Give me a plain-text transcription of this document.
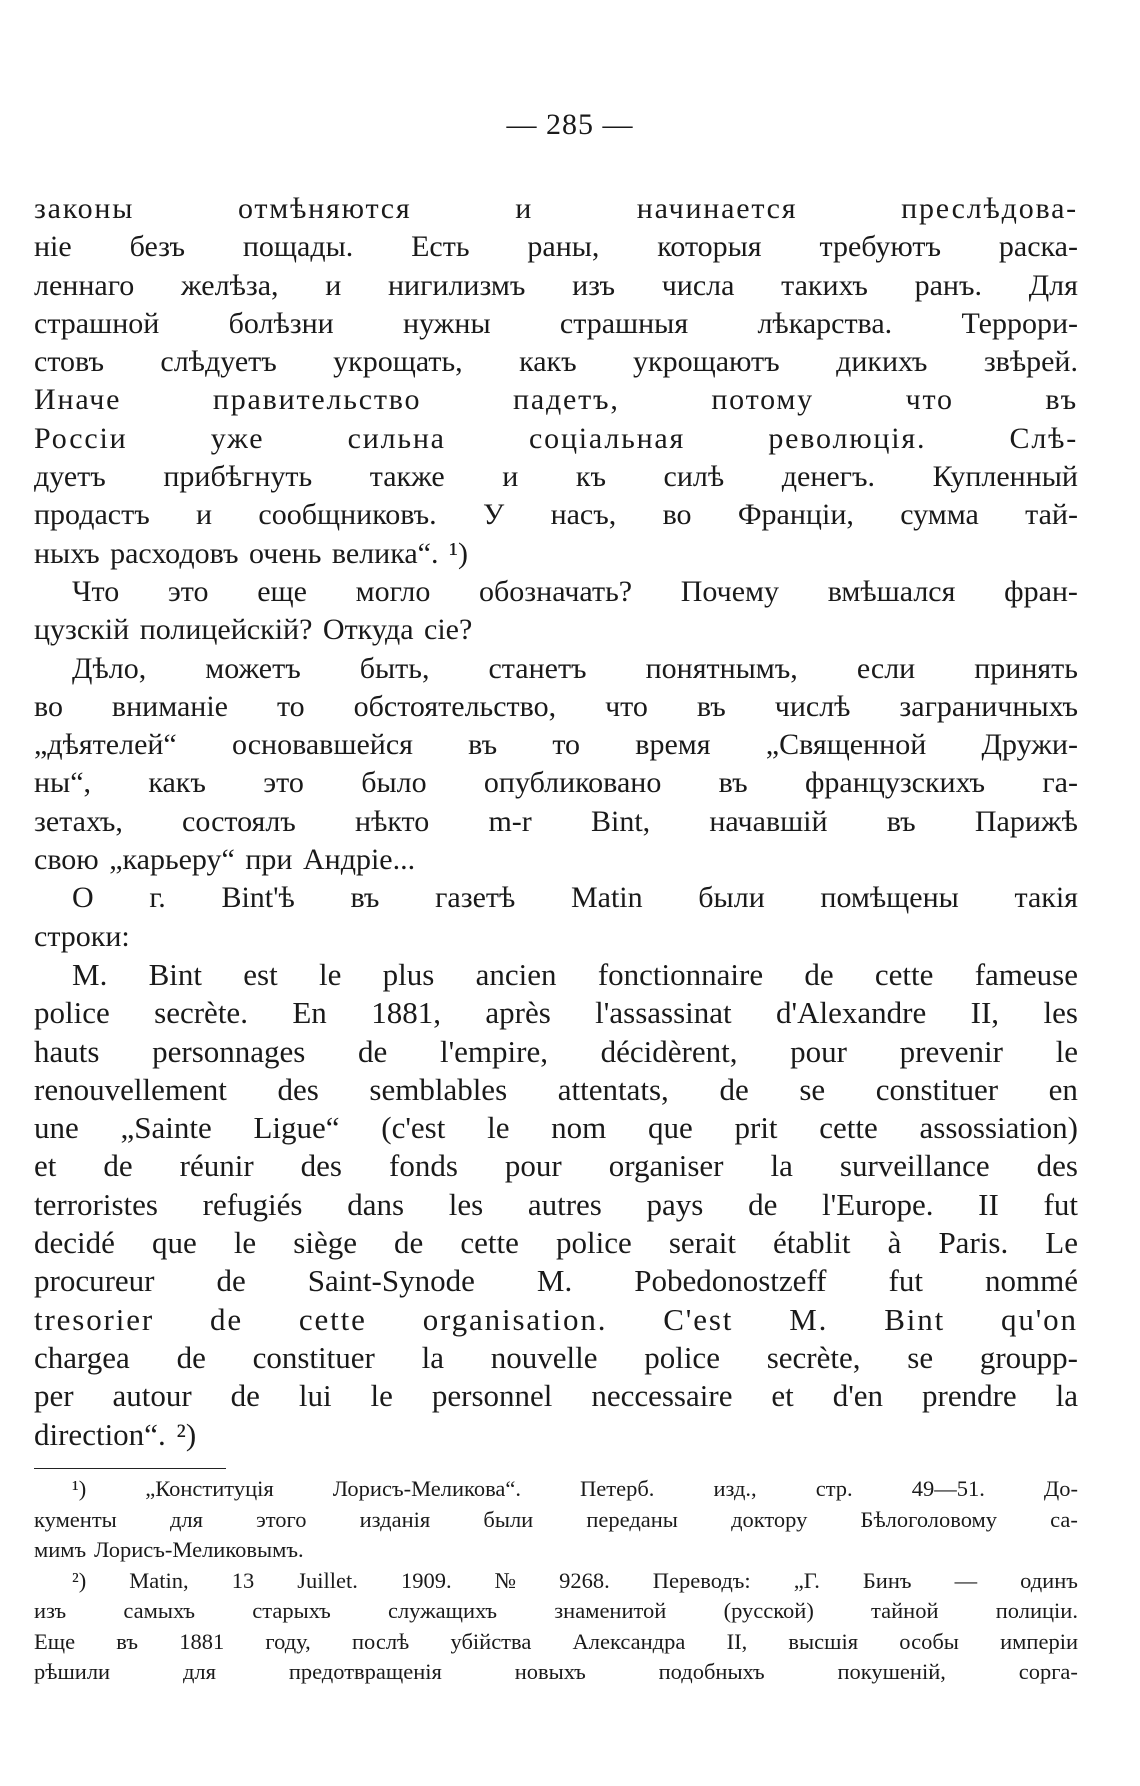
— 285 —
законы	отмѣняются	и	начинается	преслѣдова-
ніе безъ пощады. Есть раны, которыя требуютъ раска-
леннаго желѣза, и нигилизмъ изъ числа такихъ ранъ. Для
страшной болѣзни нужны страшныя лѣкарства. Террори-
стовъ слѣдуетъ укрощать, какъ укрощаютъ дикихъ звѣрей.
Иначе	правительство	падетъ,	потому	что	въ
Россіи	уже	сильна	соціальная	революція.	Слѣ-
дуетъ прибѣгнуть также и къ силѣ денегъ. Купленный
продастъ и сообщниковъ. У насъ, во Франціи, сумма тай-
ныхъ расходовъ очень велика“. ¹)
Что это еще могло обозначать? Почему вмѣшался фран-
цузскій полицейскій? Откуда сіе?
Дѣло, можетъ быть, станетъ понятнымъ, если принять
во вниманіе то обстоятельство, что въ числѣ заграничныхъ
„дѣятелей“ основавшейся въ то время „Священной Дружи-
ны“, какъ это было опубликовано въ французскихъ га-
зетахъ, состоялъ нѣкто m-r Bint, начавшій въ Парижѣ
свою „карьеру“ при Андріе...
О г. Bint'ѣ въ газетѣ Matin были помѣщены такія
строки:
M. Bint est le plus ancien fonctionnaire de cette fameuse
police secrète. En 1881, après l'assassinat d'Alexandre II, les
hauts personnages de l'empire, décidèrent, pour prevenir le
renouvellement des semblables attentats, de se constituer en
une „Sainte Ligue“ (c'est le nom que prit cette assossiation)
et de réunir des fonds pour organiser la surveillance des
terroristes refugiés dans les autres pays de l'Europe. II fut
decidé que le siège de cette police serait établit à Paris. Le
procureur de Saint-Synode M. Pobedonostzeff fut nommé
tresorier de cette organisation. C'est M. Bint qu'on
chargea de constituer la nouvelle police secrète, se groupp-
per autour de lui le personnel neccessaire et d'en prendre la
direction“. ²)
¹)	„Конституція	Лорисъ-Меликова“.	Петерб.	изд.,	стр.	49—51.	До-
кументы для этого изданія были переданы доктору Бѣлоголовому са-
мимъ Лорисъ-Меликовымъ.
²) Matin, 13 Juillet. 1909. № 9268. Переводъ: „Г. Бинъ — одинъ
изъ	самыхъ	старыхъ	служащихъ	знаменитой	(русской)	тайной	полиціи.
Еще въ 1881 году, послѣ убійства Александра II, высшія особы имперіи
рѣшили	для	предотвращенія	новыхъ	подобныхъ	покушеній,	сорга-
